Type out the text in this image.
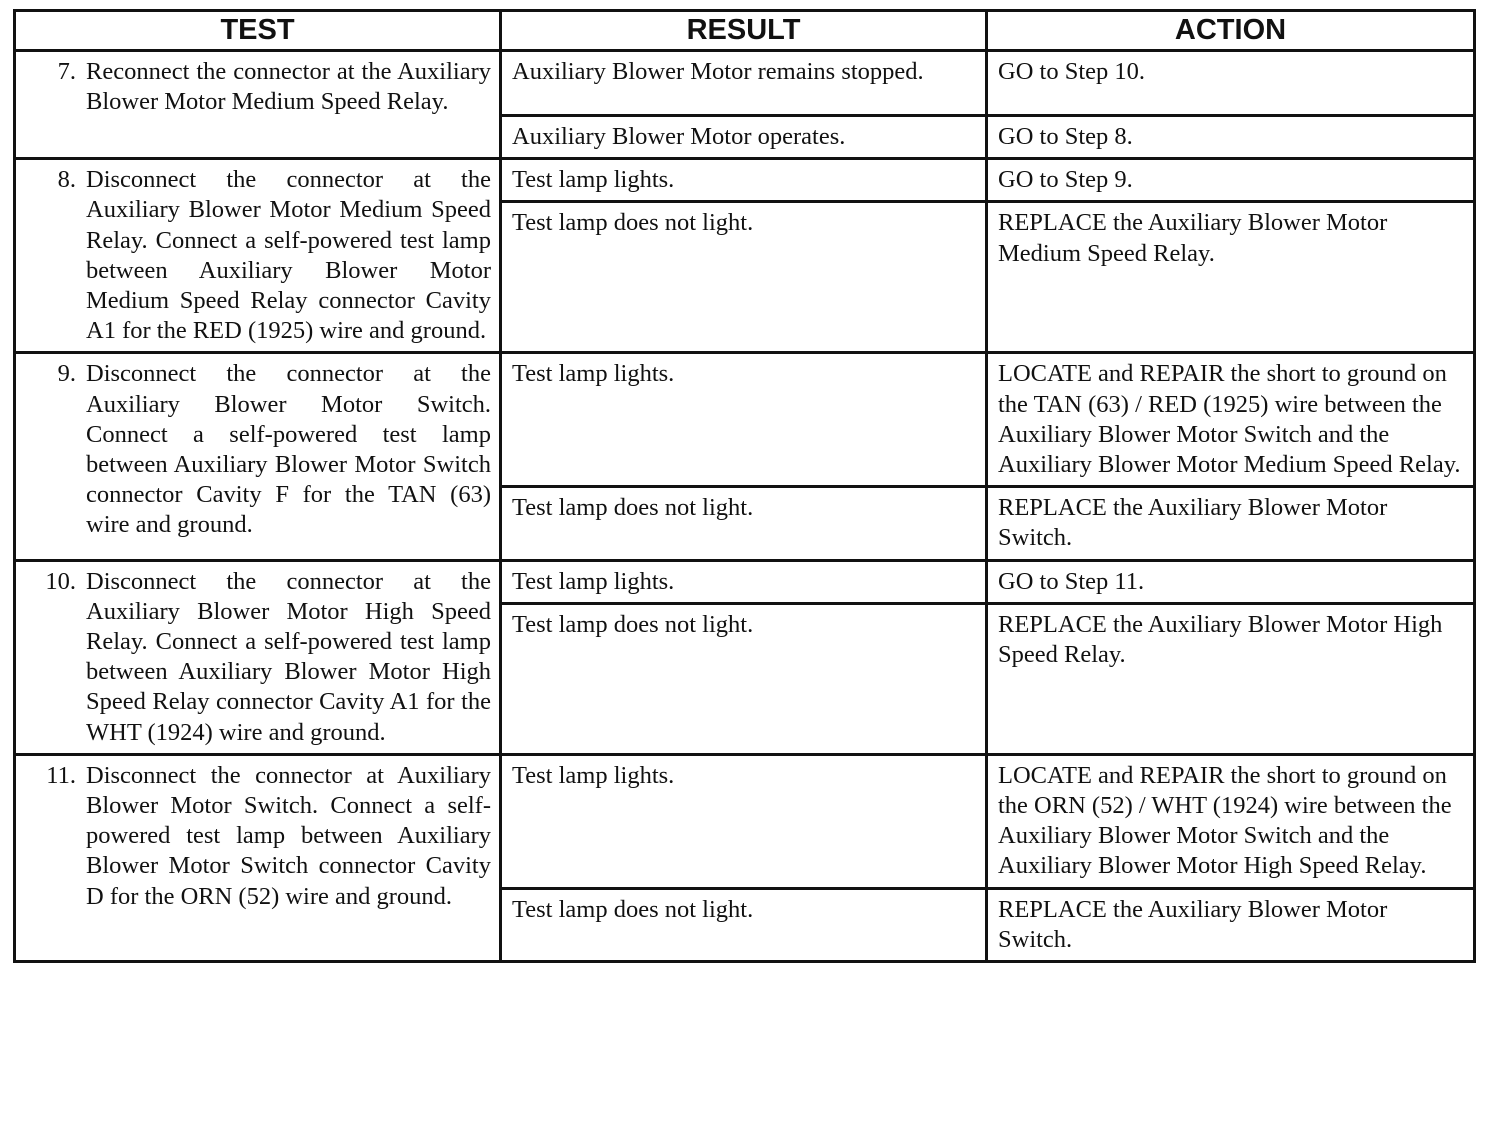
TEST	RESULT	ACTION

7. Reconnect the connector at the Auxiliary Blower Motor Medium Speed Relay.	Auxiliary Blower Motor remains stopped.	GO to Step 10.

	Auxiliary Blower Motor operates.	GO to Step 8.

8. Disconnect the connector at the Auxiliary Blower Motor Medium Speed Relay. Connect a self-powered test lamp between Auxiliary Blower Motor Medium Speed Relay connector Cavity A1 for the RED (1925) wire and ground.	Test lamp lights.	GO to Step 9.

	Test lamp does not light.	REPLACE the Auxiliary Blower Motor Medium Speed Relay.

9. Disconnect the connector at the Auxiliary Blower Motor Switch. Connect a self-powered test lamp between Auxiliary Blower Motor Switch connector Cavity F for the TAN (63) wire and ground.	Test lamp lights.	LOCATE and REPAIR the short to ground on the TAN (63) / RED (1925) wire between the Auxiliary Blower Motor Switch and the Auxiliary Blower Motor Medium Speed Relay.

	Test lamp does not light.	REPLACE the Auxiliary Blower Motor Switch.

10. Disconnect the connector at the Auxiliary Blower Motor High Speed Relay. Connect a self-powered test lamp between Auxiliary Blower Motor High Speed Relay connector Cavity A1 for the WHT (1924) wire and ground.	Test lamp lights.	GO to Step 11.

	Test lamp does not light.	REPLACE the Auxiliary Blower Motor High Speed Relay.

11. Disconnect the connector at Auxiliary Blower Motor Switch. Connect a self-powered test lamp between Auxiliary Blower Motor Switch connector Cavity D for the ORN (52) wire and ground.	Test lamp lights.	LOCATE and REPAIR the short to ground on the ORN (52) / WHT (1924) wire between the Auxiliary Blower Motor Switch and the Auxiliary Blower Motor High Speed Relay.

	Test lamp does not light.	REPLACE the Auxiliary Blower Motor Switch.
